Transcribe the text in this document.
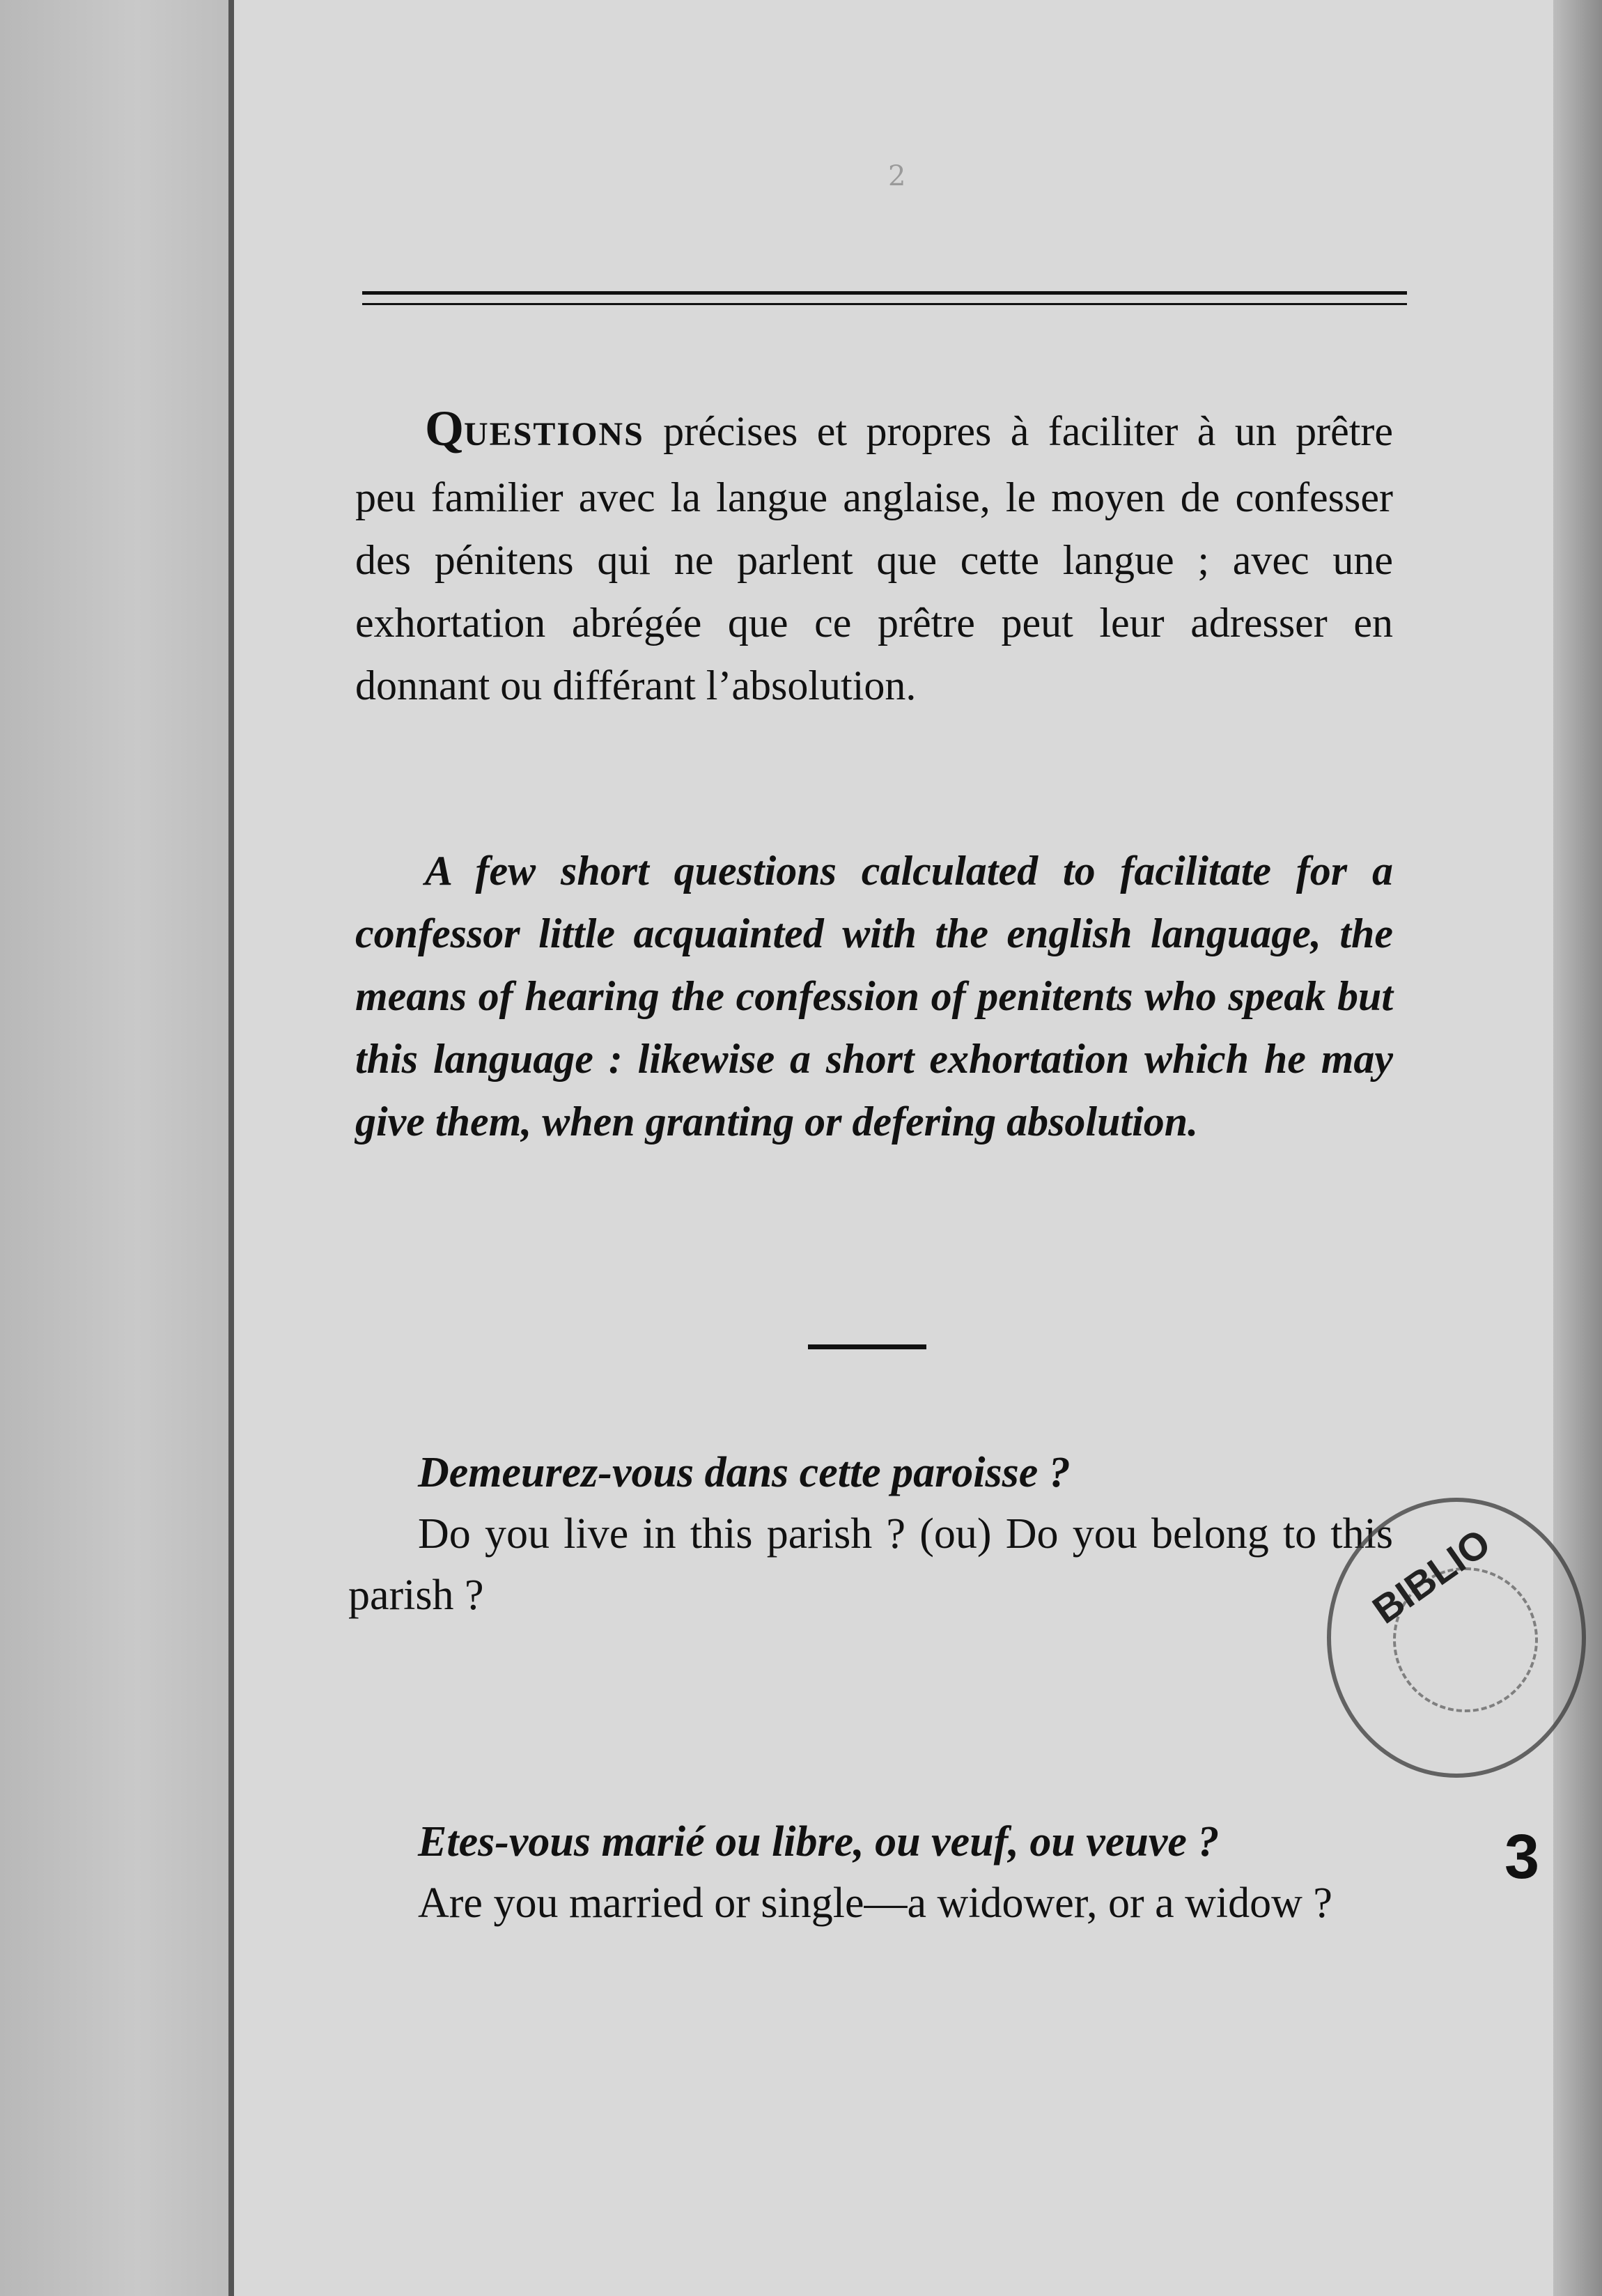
2
QUESTIONS précises et propres à faciliter à un prêtre peu familier avec la langue anglaise, le moyen de confesser des pénitens qui ne parlent que cette langue ; avec une exhortation abrégée que ce prêtre peut leur adresser en donnant ou différant l’absolution.
A few short questions calculated to facilitate for a confessor little acquainted with the english language, the means of hearing the confession of penitents who speak but this language : likewise a short exhortation which he may give them, when granting or defering absolution.
Demeurez-vous dans cette paroisse ?
Do you live in this parish ? (ou) Do you belong to this parish ?
Etes-vous marié ou libre, ou veuf, ou veuve ?
Are you married or single—a widower, or a widow ?
BIBLIO
3
